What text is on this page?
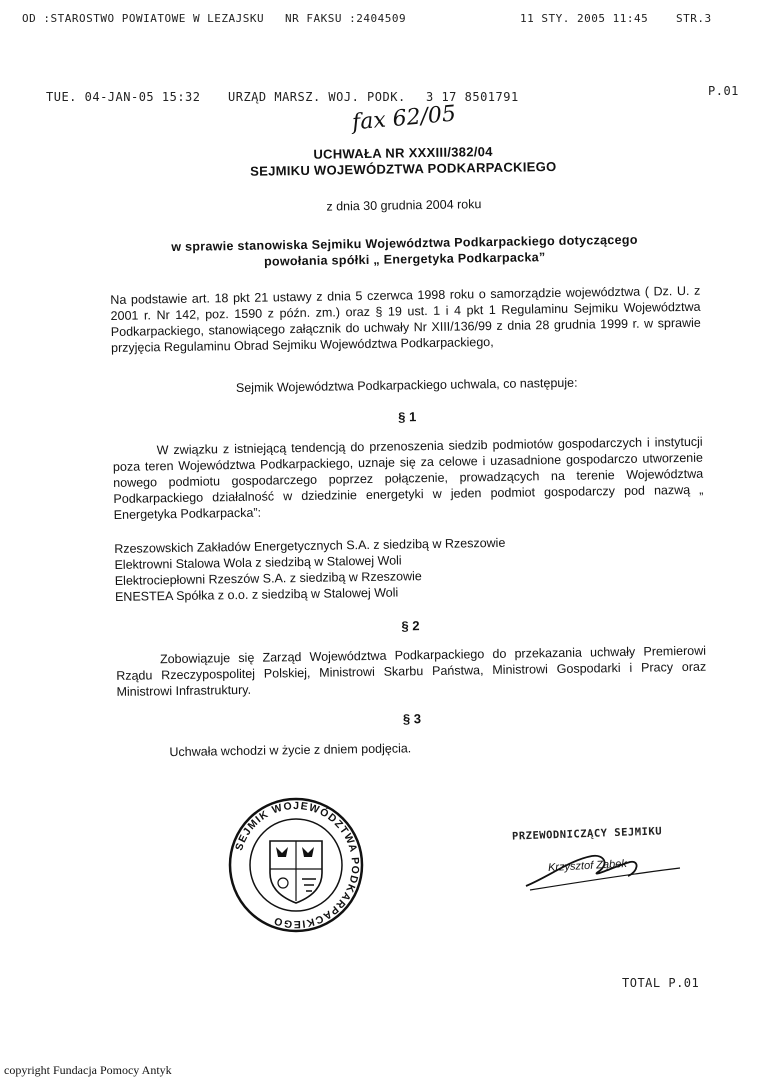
OD :STAROSTWO POWIATOWE W LEZAJSKU NR FAKSU :2404509	11 STY. 2005 11:45	STR.3
TUE. 04-JAN-05 15:32 URZĄD MARSZ. WOJ. PODK. 3 17 8501791	P.01
fax 62/05
UCHWAŁA NR XXXIII/382/04
SEJMIKU WOJEWÓDZTWA PODKARPACKIEGO
z dnia 30 grudnia 2004 roku
w sprawie stanowiska Sejmiku Województwa Podkarpackiego dotyczącego
powołania spółki „ Energetyka Podkarpacka”
Na podstawie art. 18 pkt 21 ustawy z dnia 5 czerwca 1998 roku o samorządzie województwa ( Dz. U. z 2001 r. Nr 142, poz. 1590 z późn. zm.) oraz § 19 ust. 1 i 4 pkt 1 Regulaminu Sejmiku Województwa Podkarpackiego, stanowiącego załącznik do uchwały Nr XIII/136/99 z dnia 28 grudnia 1999 r. w sprawie przyjęcia Regulaminu Obrad Sejmiku Województwa Podkarpackiego,
Sejmik Województwa Podkarpackiego uchwala, co następuje:
§ 1
W związku z istniejącą tendencją do przenoszenia siedzib podmiotów gospodarczych i instytucji poza teren Województwa Podkarpackiego, uznaje się za celowe i uzasadnione gospodarczo utworzenie nowego podmiotu gospodarczego poprzez połączenie, prowadzących na terenie Województwa Podkarpackiego działalność w dziedzinie energetyki w jeden podmiot gospodarczy pod nazwą „ Energetyka Podkarpacka”:
Rzeszowskich Zakładów Energetycznych S.A. z siedzibą w Rzeszowie
Elektrowni Stalowa Wola z siedzibą w Stalowej Woli
Elektrociepłowni Rzeszów S.A. z siedzibą w Rzeszowie
ENESTEA Spółka z o.o. z siedzibą w Stalowej Woli
§ 2
Zobowiązuje się Zarząd Województwa Podkarpackiego do przekazania uchwały Premierowi Rządu Rzeczypospolitej Polskiej, Ministrowi Skarbu Państwa, Ministrowi Gospodarki i Pracy oraz Ministrowi Infrastruktury.
§ 3
Uchwała wchodzi w życie z dniem podjęcia.
SEJMIK WOJEWÓDZTWA PODKARPACKIEGO
PRZEWODNICZĄCY SEJMIKU
Krzysztof Ząbek
TOTAL P.01
copyright Fundacja Pomocy Antyk
